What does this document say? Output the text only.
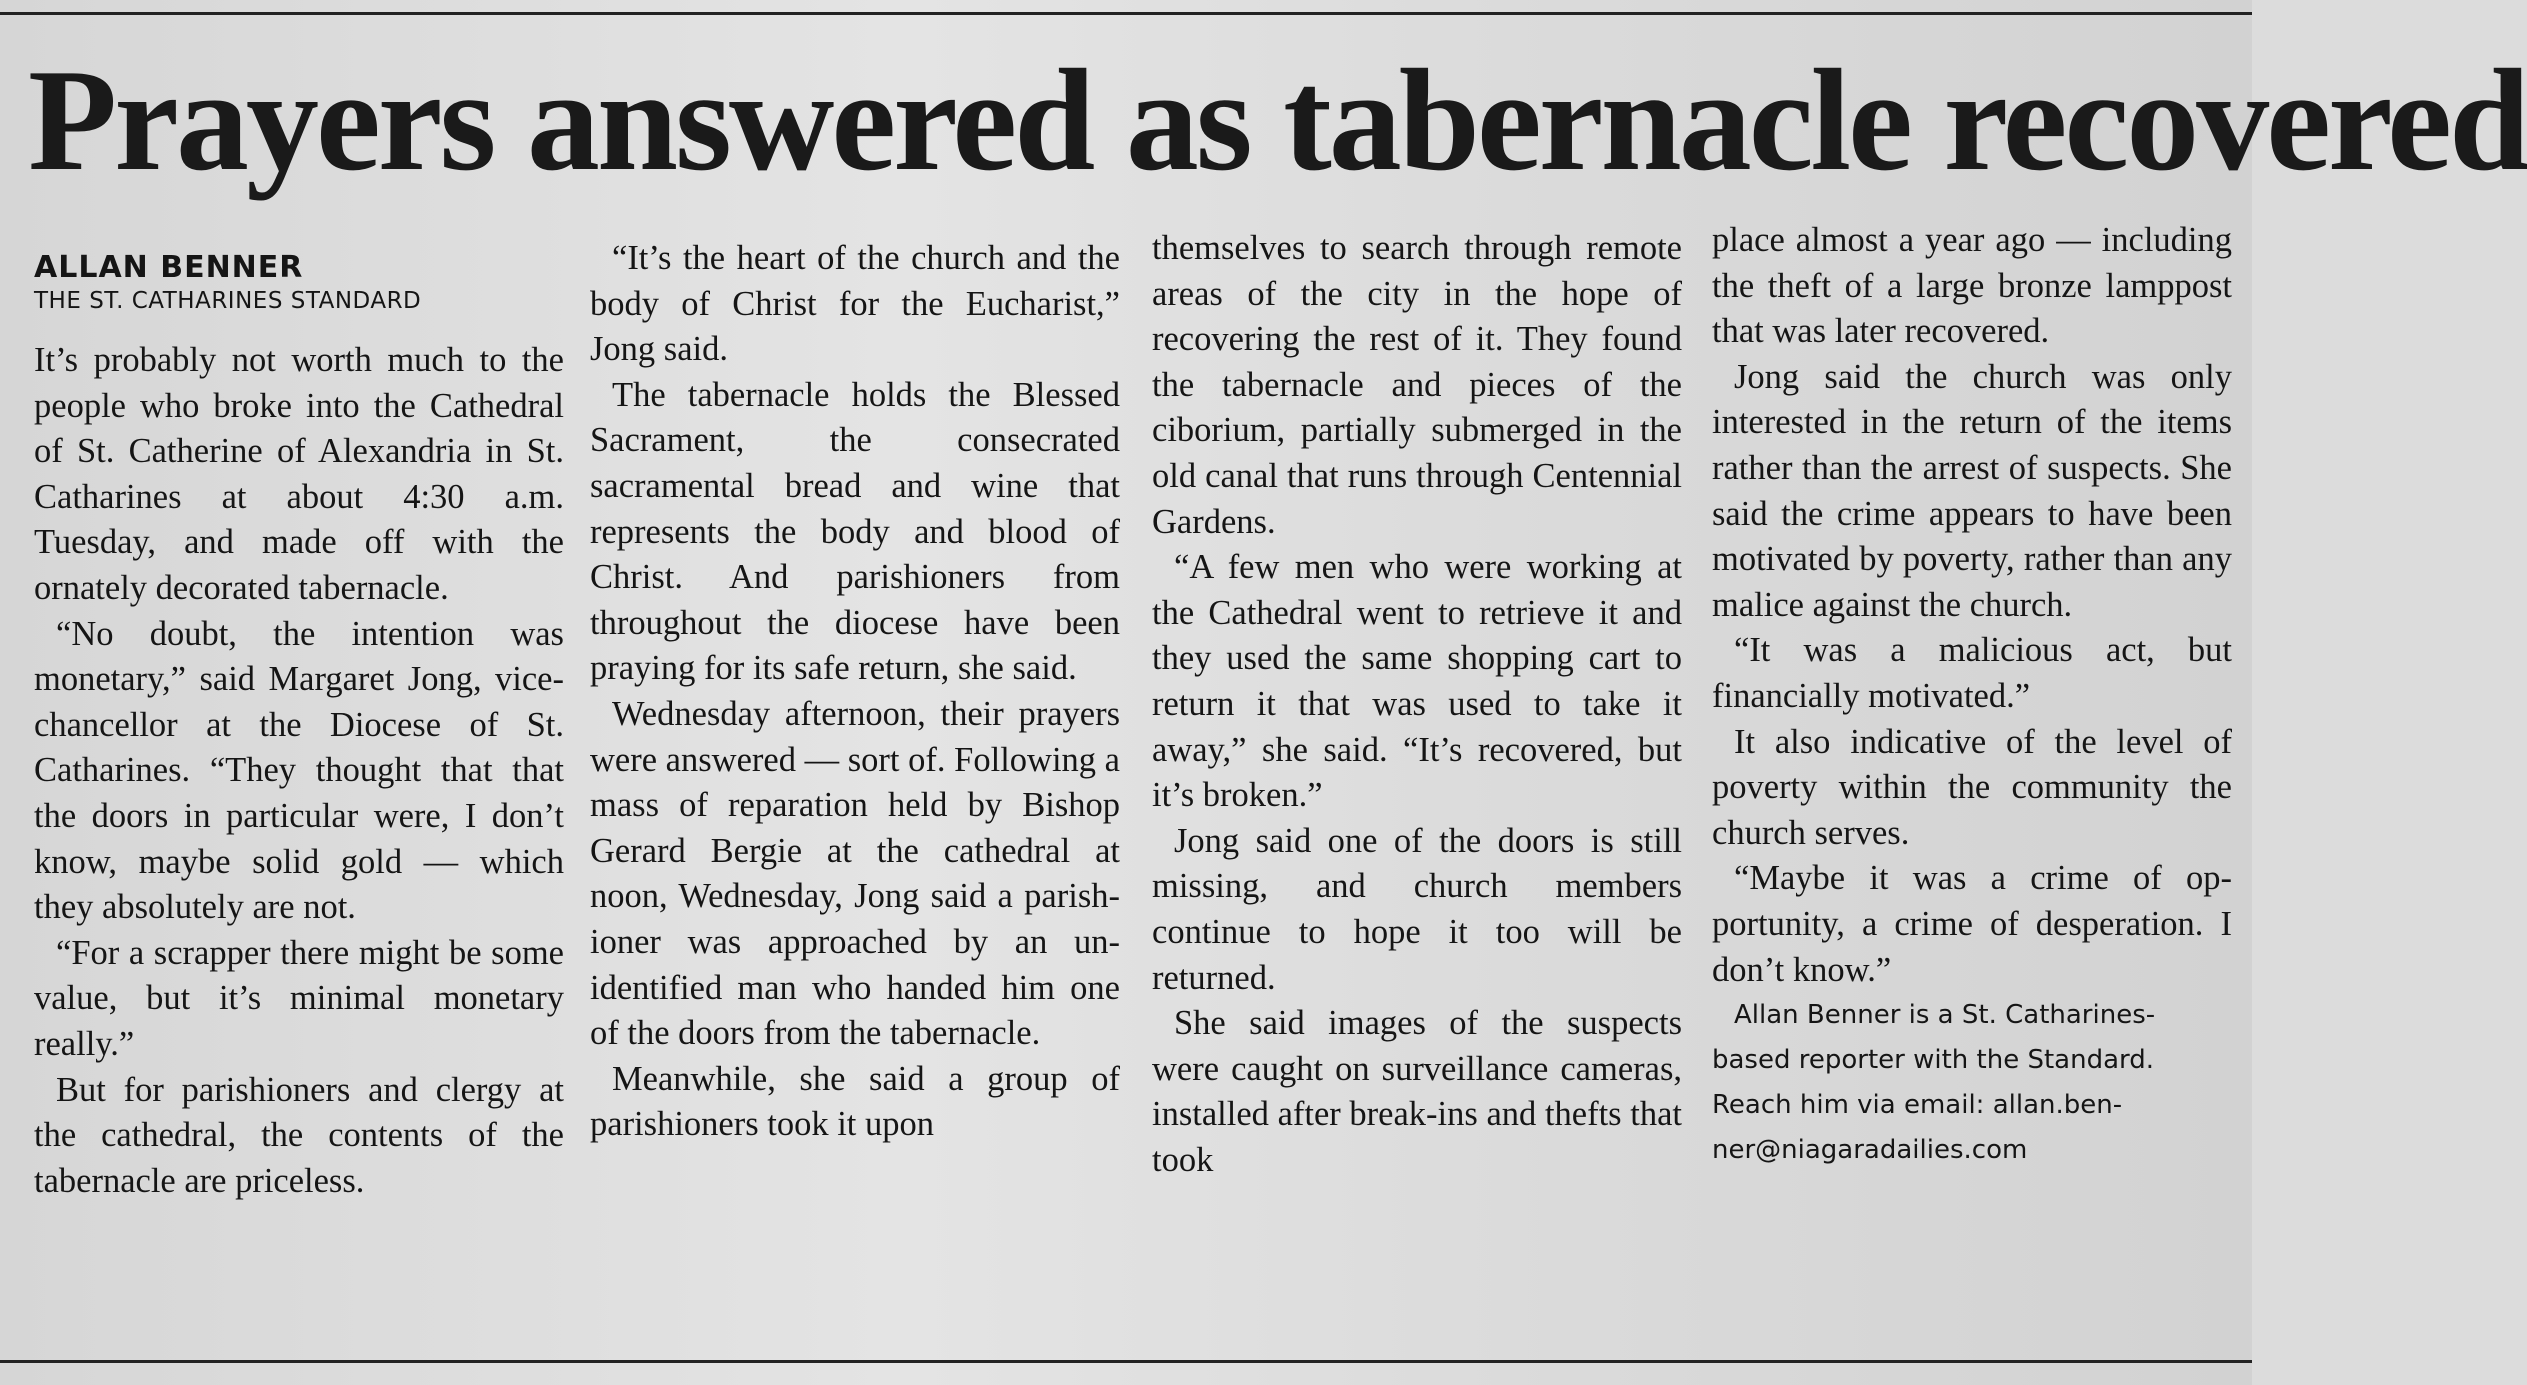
Prayers answered as tabernacle recovered
ALLAN BENNER
THE ST. CATHARINES STANDARD

It’s probably not worth much to the people who broke into the Cathedral of St. Catherine of Alexandria in St. Catharines at about 4:30 a.m. Tuesday, and made off with the ornately decorated tabernacle.

“No doubt, the intention was monetary,” said Margaret Jong, vice-chancellor at the Diocese of St. Catharines. “They thought that that the doors in particular were, I don’t know, maybe solid gold — which they absolutely are not.

“For a scrapper there might be some value, but it’s minimal monetary really.”

But for parishioners and clergy at the cathedral, the contents of the tabernacle are priceless.

“It’s the heart of the church and the body of Christ for the Eucharist,” Jong said.

The tabernacle holds the Blessed Sacrament, the consecrated sacramental bread and wine that represents the body and blood of Christ. And parishioners from throughout the diocese have been praying for its safe return, she said.

Wednesday afternoon, their prayers were answered — sort of. Following a mass of reparation held by Bishop Gerard Bergie at the cathedral at noon, Wednesday, Jong said a parishioner was approached by an unidentified man who handed him one of the doors from the tabernacle.

Meanwhile, she said a group of parishioners took it upon

themselves to search through remote areas of the city in the hope of recovering the rest of it. They found the tabernacle and pieces of the ciborium, partially submerged in the old canal that runs through Centennial Gardens.

“A few men who were working at the Cathedral went to retrieve it and they used the same shopping cart to return it that was used to take it away,” she said. “It’s recovered, but it’s broken.”

Jong said one of the doors is still missing, and church members continue to hope it too will be returned.

She said images of the suspects were caught on surveillance cameras, installed after break-ins and thefts that took

place almost a year ago — including the theft of a large bronze lamppost that was later recovered.

Jong said the church was only interested in the return of the items rather than the arrest of suspects. She said the crime appears to have been motivated by poverty, rather than any malice against the church.

“It was a malicious act, but financially motivated.”

It also indicative of the level of poverty within the community the church serves.

“Maybe it was a crime of opportunity, a crime of desperation. I don’t know.”

Allan Benner is a St. Catharines-based reporter with the Standard. Reach him via email: allan.benner@niagaradailies.com
